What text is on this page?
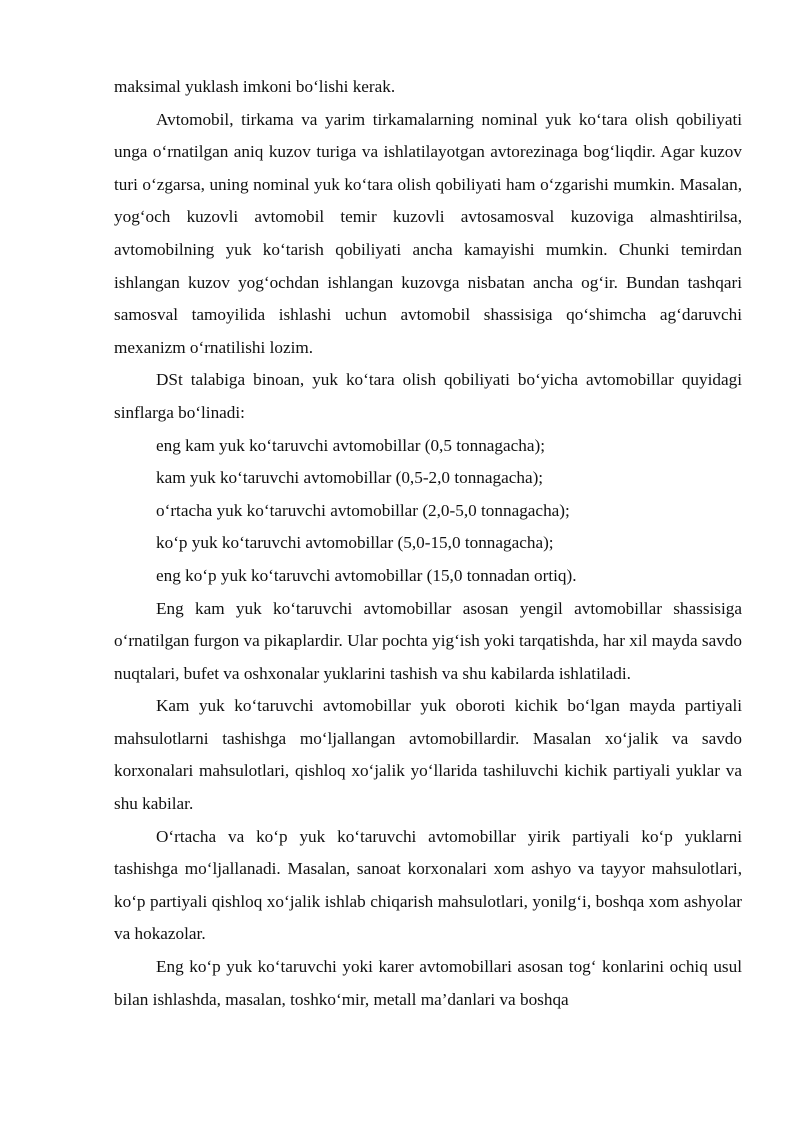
maksimal yuklash imkoni bo‘lishi kerak.

Avtomobil, tirkama va yarim tirkamalarning nominal yuk ko‘tara olish qobiliyati unga o‘rnatilgan aniq kuzov turiga va ishlatilayotgan avtorezinaga bog‘liqdir. Agar kuzov turi o‘zgarsa, uning nominal yuk ko‘tara olish qobiliyati ham o‘zgarishi mumkin. Masalan, yog‘och kuzovli avtomobil temir kuzovli avtosamosval kuzoviga almashtirilsa, avtomobilning yuk ko‘tarish qobiliyati ancha kamayishi mumkin. Chunki temirdan ishlangan kuzov yog‘ochdan ishlangan kuzovga nisbatan ancha og‘ir. Bundan tashqari samosval tamoyilida ishlashi uchun avtomobil shassisiga qo‘shimcha ag‘daruvchi mexanizm o‘rnatilishi lozim.

DSt talabiga binoan, yuk ko‘tara olish qobiliyati bo‘yicha avtomobillar quyidagi sinflarga bo‘linadi:

eng kam yuk ko‘taruvchi avtomobillar (0,5 tonnagacha);

kam yuk ko‘taruvchi avtomobillar (0,5-2,0 tonnagacha);

o‘rtacha yuk ko‘taruvchi avtomobillar (2,0-5,0 tonnagacha);

ko‘p yuk ko‘taruvchi avtomobillar (5,0-15,0 tonnagacha);

eng ko‘p yuk ko‘taruvchi avtomobillar (15,0 tonnadan ortiq).

Eng kam yuk ko‘taruvchi avtomobillar asosan yengil avtomobillar shassisiga o‘rnatilgan furgon va pikaplardir. Ular pochta yig‘ish yoki tarqatishda, har xil mayda savdo nuqtalari, bufet va oshxonalar yuklarini tashish va shu kabilarda ishlatiladi.

Kam yuk ko‘taruvchi avtomobillar yuk oboroti kichik bo‘lgan mayda partiyali mahsulotlarni tashishga mo‘ljallangan avtomobillardir. Masalan xo‘jalik va savdo korxonalari mahsulotlari, qishloq xo‘jalik yo‘llarida tashiluvchi kichik partiyali yuklar va shu kabilar.

O‘rtacha va ko‘p yuk ko‘taruvchi avtomobillar yirik partiyali ko‘p yuklarni tashishga mo‘ljallanadi. Masalan, sanoat korxonalari xom ashyo va tayyor mahsulotlari, ko‘p partiyali qishloq xo‘jalik ishlab chiqarish mahsulotlari, yonilg‘i, boshqa xom ashyolar va hokazolar.

Eng ko‘p yuk ko‘taruvchi yoki karer avtomobillari asosan tog‘ konlarini ochiq usul bilan ishlashda, masalan, toshko‘mir, metall ma’danlari va boshqa
